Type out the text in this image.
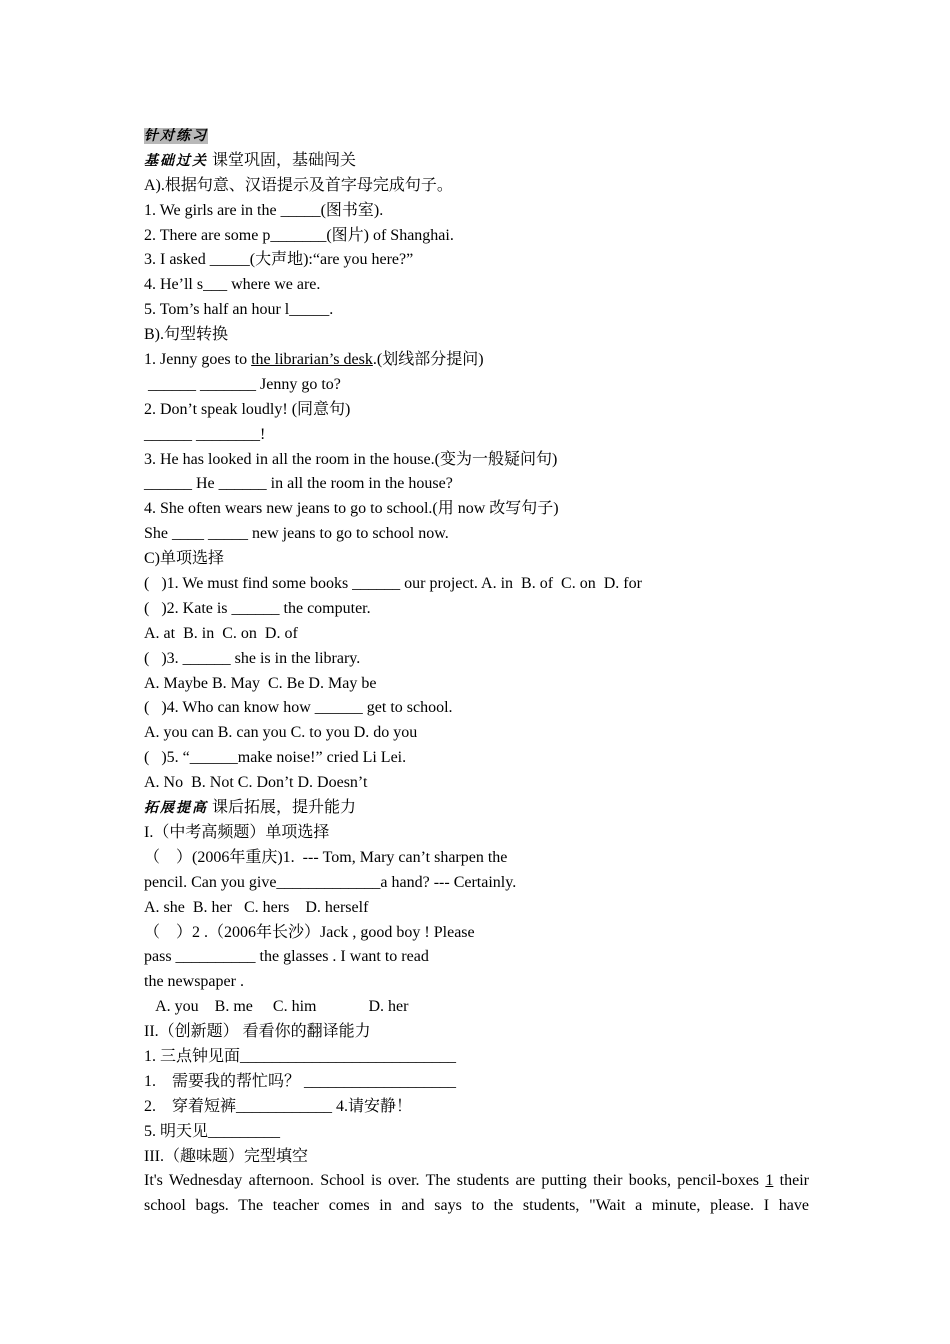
针对练习
基础过关 课堂巩固，基础闯关
A).根据句意、汉语提示及首字母完成句子。
1. We girls are in the _____(图书室).
2. There are some p_______(图片) of Shanghai.
3. I asked _____(大声地):“are you here?”
4. He’ll s___ where we are.
5. Tom’s half an hour l_____.
B).句型转换
1. Jenny goes to the librarian’s desk.(划线部分提问)
______ _______ Jenny go to?
2. Don’t speak loudly! (同意句)
______ ________!
3. He has looked in all the room in the house.(变为一般疑问句)
______ He ______ in all the room in the house?
4. She often wears new jeans to go to school.(用 now 改写句子)
She ____ _____ new jeans to go to school now.
C)单项选择
(   )1. We must find some books ______ our project. A. in  B. of  C. on  D. for
(   )2. Kate is ______ the computer.
A. at  B. in  C. on  D. of
(   )3. ______ she is in the library.
A. Maybe B. May  C. Be D. May be
(   )4. Who can know how ______ get to school.
A. you can B. can you C. to you D. do you
(   )5. “______make noise!” cried Li Lei.
A. No  B. Not C. Don’t D. Doesn’t
拓展提高 课后拓展，提升能力
I.（中考高频题）单项选择
（    ）(2006年重庆)1.  --- Tom, Mary can’t sharpen the
pencil. Can you give_____________a hand? --- Certainly.
A. she  B. her   C. hers    D. herself
（    ）2 .（2006年长沙）Jack , good boy ! Please
pass __________ the glasses . I want to read
the newspaper .
A. you    B. me     C. him             D. her
II.（创新题） 看看你的翻译能力
1. 三点钟见面___________________________
1.    需要我的帮忙吗？ ___________________
2.    穿着短裤____________ 4.请安静！
5. 明天见_________
III.（趣味题）完型填空
It's Wednesday afternoon. School is over. The students are putting their books, pencil-boxes 1 their
school bags. The teacher comes in and says to the students, "Wait a minute, please. I have
